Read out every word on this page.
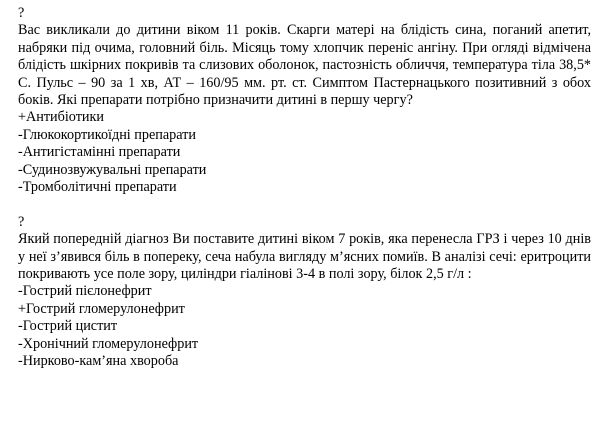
?
Вас викликали до дитини віком 11 років. Скарги матері на блідість сина, поганий апетит, набряки під очима, головний біль. Місяць тому хлопчик переніс ангіну. При огляді відмічена блідість шкірних покривів та слизових оболонок, пастозність обличчя, температура тіла 38,5* С. Пульс – 90 за 1 хв, АТ – 160/95 мм. рт. ст. Симптом Пастернацького позитивний з обох боків. Які препарати потрібно призначити дитині в першу чергу?
+Антибіотики
-Глюкокортикоїдні препарати
-Антигістамінні препарати
-Судинозвужувальні препарати
-Тромболітичні препарати
?
Який попередній діагноз Ви поставите дитині віком 7 років, яка перенесла ГРЗ і через 10 днів у неї з’явився біль в попереку, сеча набула вигляду м’ясних помиїв. В аналізі сечі: еритроцити покривають усе поле зору, циліндри гіалінові 3-4 в полі зору, білок 2,5 г/л :
-Гострий пієлонефрит
+Гострий гломерулонефрит
-Гострий цистит
-Хронічний гломерулонефрит
-Нирково-кам’яна хвороба
